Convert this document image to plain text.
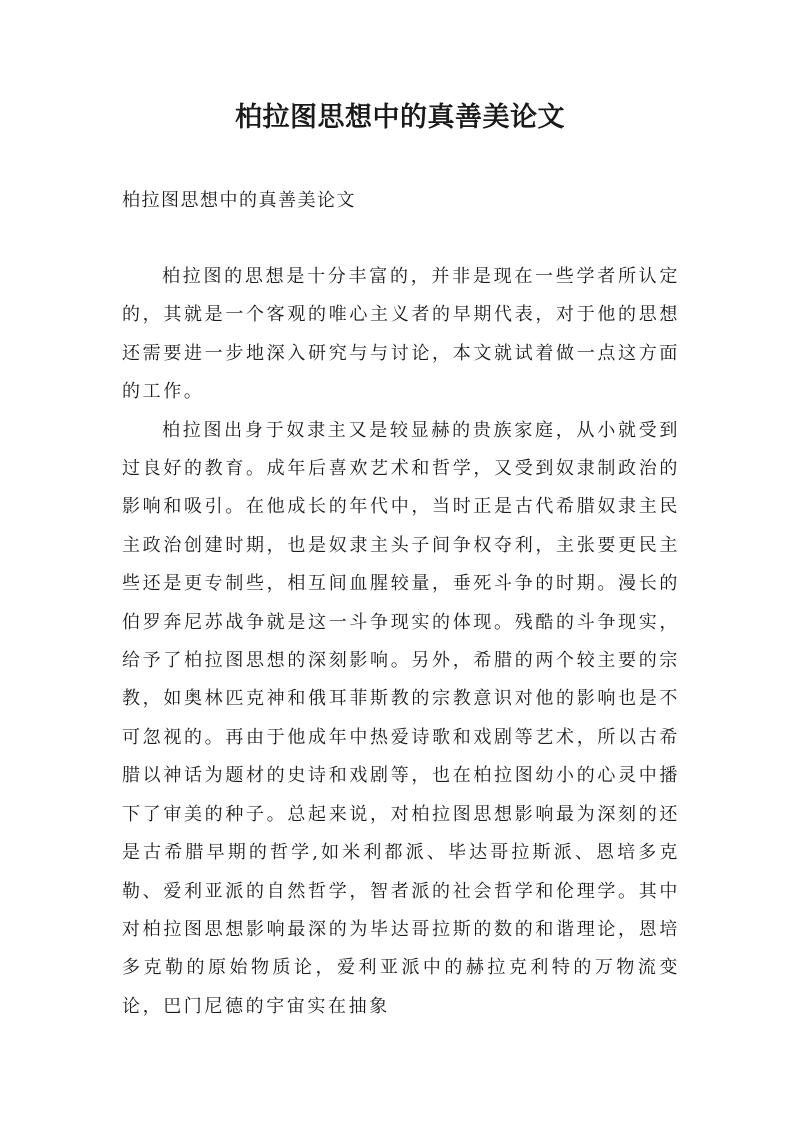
柏拉图思想中的真善美论文
柏拉图思想中的真善美论文

柏拉图的思想是十分丰富的，并非是现在一些学者所认定的，其就是一个客观的唯心主义者的早期代表，对于他的思想还需要进一步地深入研究与与讨论，本文就试着做一点这方面的工作。

柏拉图出身于奴隶主又是较显赫的贵族家庭，从小就受到过良好的教育。成年后喜欢艺术和哲学，又受到奴隶制政治的影响和吸引。在他成长的年代中，当时正是古代希腊奴隶主民主政治创建时期，也是奴隶主头子间争权夺利，主张要更民主些还是更专制些，相互间血腥较量，垂死斗争的时期。漫长的伯罗奔尼苏战争就是这一斗争现实的体现。残酷的斗争现实，给予了柏拉图思想的深刻影响。另外，希腊的两个较主要的宗教，如奥林匹克神和俄耳菲斯教的宗教意识对他的影响也是不可忽视的。再由于他成年中热爱诗歌和戏剧等艺术，所以古希腊以神话为题材的史诗和戏剧等，也在柏拉图幼小的心灵中播下了审美的种子。总起来说，对柏拉图思想影响最为深刻的还是古希腊早期的哲学,如米利都派、毕达哥拉斯派、恩培多克勒、爱利亚派的自然哲学，智者派的社会哲学和伦理学。其中对柏拉图思想影响最深的为毕达哥拉斯的数的和谐理论，恩培多克勒的原始物质论，爱利亚派中的赫拉克利特的万物流变论，巴门尼德的宇宙实在抽象
